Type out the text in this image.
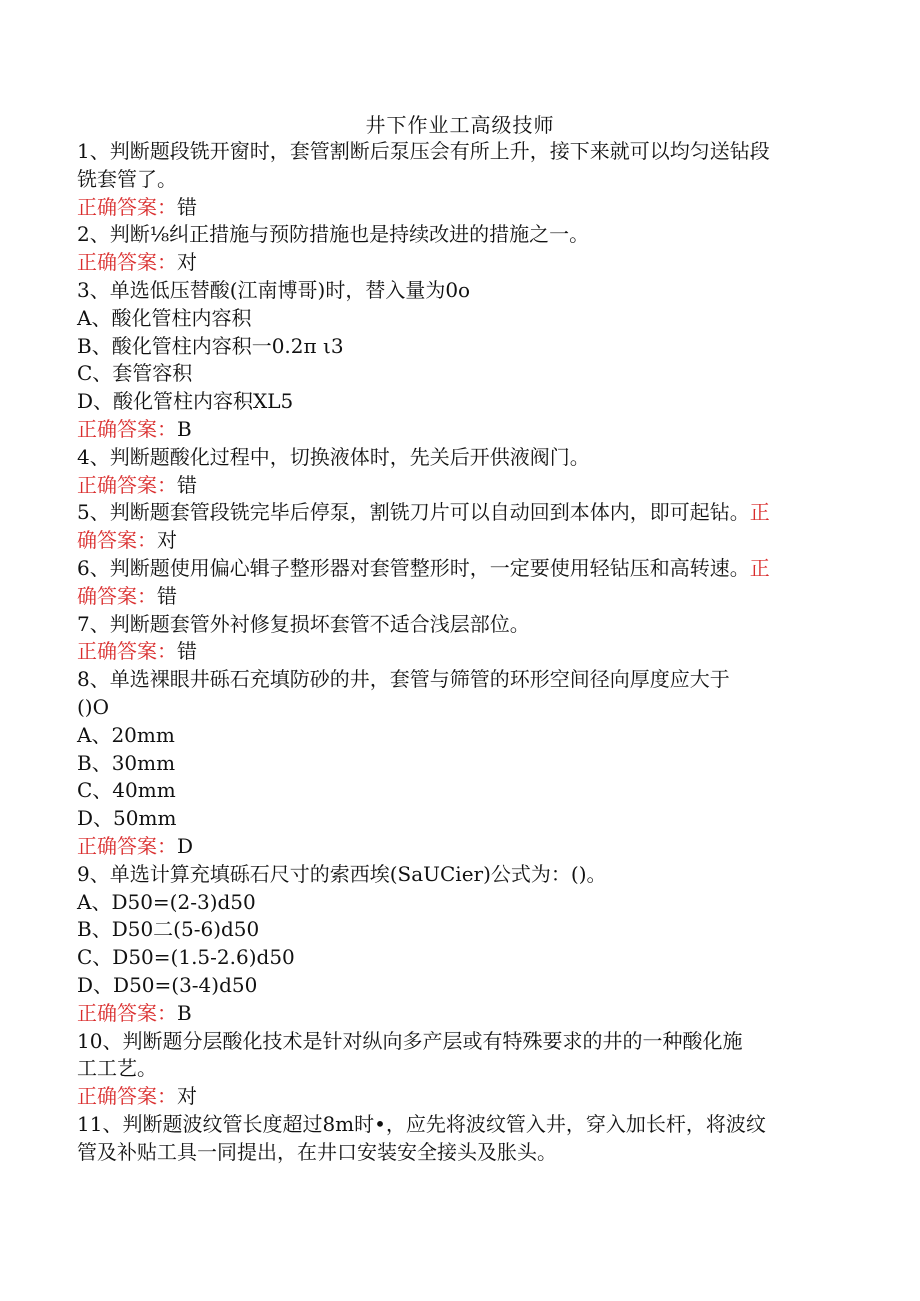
井下作业工高级技师

1、判断题段铣开窗时，套管割断后泵压会有所上升，接下来就可以均匀送钻段

铣套管了。

正确答案：错

2、判断⅛纠正措施与预防措施也是持续改进的措施之一。

正确答案：对

3、单选低压替酸(江南博哥)时，替入量为0o

A、酸化管柱内容积

B、酸化管柱内容积一0.2π ι3

C、套管容积

D、酸化管柱内容积XL5

正确答案：B

4、判断题酸化过程中，切换液体时，先关后开供液阀门。

正确答案：错

5、判断题套管段铣完毕后停泵，割铣刀片可以自动回到本体内，即可起钻。正

确答案：对

6、判断题使用偏心辑子整形器对套管整形时，一定要使用轻钻压和高转速。正

确答案：错

7、判断题套管外衬修复损坏套管不适合浅层部位。

正确答案：错

8、单选裸眼井砾石充填防砂的井，套管与筛管的环形空间径向厚度应大于

()O

A、20mm

B、30mm

C、40mm

D、50mm

正确答案：D

9、单选计算充填砾石尺寸的索西埃(SaUCier)公式为：()。

A、D50=(2-3)d50

B、D50二(5-6)d50

C、D50=(1.5-2.6)d50

D、D50=(3-4)d50

正确答案：B

10、判断题分层酸化技术是针对纵向多产层或有特殊要求的井的一种酸化施

工工艺。

正确答案：对

11、判断题波纹管长度超过8m时•，应先将波纹管入井，穿入加长杆，将波纹

管及补贴工具一同提出，在井口安装安全接头及胀头。
